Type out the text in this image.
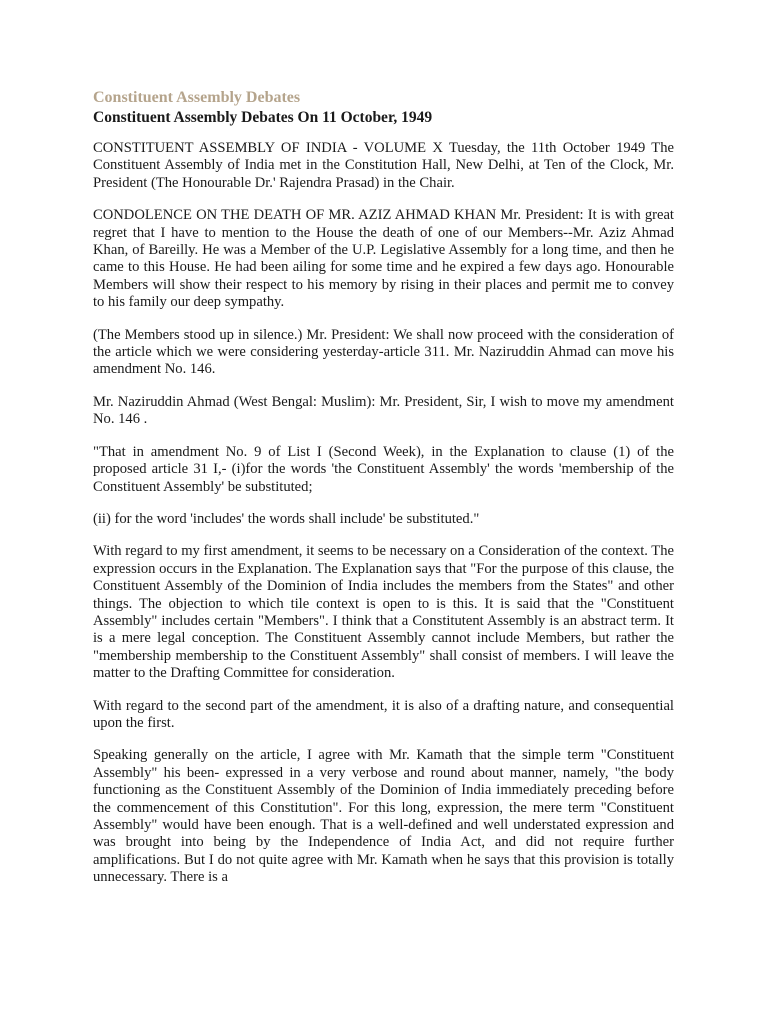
Constituent Assembly Debates
Constituent Assembly Debates On 11 October, 1949

CONSTITUENT ASSEMBLY OF INDIA - VOLUME X Tuesday, the 11th October 1949 The Constituent Assembly of India met in the Constitution Hall, New Delhi, at Ten of the Clock, Mr. President (The Honourable Dr.' Rajendra Prasad) in the Chair.

CONDOLENCE ON THE DEATH OF MR. AZIZ AHMAD KHAN Mr. President: It is with great regret that I have to mention to the House the death of one of our Members--Mr. Aziz Ahmad Khan, of Bareilly. He was a Member of the U.P. Legislative Assembly for a long time, and then he came to this House. He had been ailing for some time and he expired a few days ago. Honourable Members will show their respect to his memory by rising in their places and permit me to convey to his family our deep sympathy.

(The Members stood up in silence.) Mr. President: We shall now proceed with the consideration of the article which we were considering yesterday-article 311. Mr. Naziruddin Ahmad can move his amendment No. 146.

Mr. Naziruddin Ahmad (West Bengal: Muslim): Mr. President, Sir, I wish to move my amendment No. 146 .

"That in amendment No. 9 of List I (Second Week), in the Explanation to clause (1) of the proposed article 31 I,- (i)for the words 'the Constituent Assembly' the words 'membership of the Constituent Assembly' be substituted;

(ii) for the word 'includes' the words shall include' be substituted."

With regard to my first amendment, it seems to be necessary on a Consideration of the context. The expression occurs in the Explanation. The Explanation says that "For the purpose of this clause, the Constituent Assembly of the Dominion of India includes the members from the States" and other things. The objection to which tile context is open to is this. It is said that the "Constituent Assembly" includes certain "Members". I think that a Constitutent Assembly is an abstract term. It is a mere legal conception. The Constituent Assembly cannot include Members, but rather the "membership membership to the Constituent Assembly" shall consist of members. I will leave the matter to the Drafting Committee for consideration.

With regard to the second part of the amendment, it is also of a drafting nature, and consequential upon the first.

Speaking generally on the article, I agree with Mr. Kamath that the simple term "Constituent Assembly" his been- expressed in a very verbose and round about manner, namely, "the body functioning as the Constituent Assembly of the Dominion of India immediately preceding before the commencement of this Constitution". For this long, expression, the mere term "Constituent Assembly" would have been enough. That is a well-defined and well understated expression and was brought into being by the Independence of India Act, and did not require further amplifications. But I do not quite agree with Mr. Kamath when he says that this provision is totally unnecessary. There is a
